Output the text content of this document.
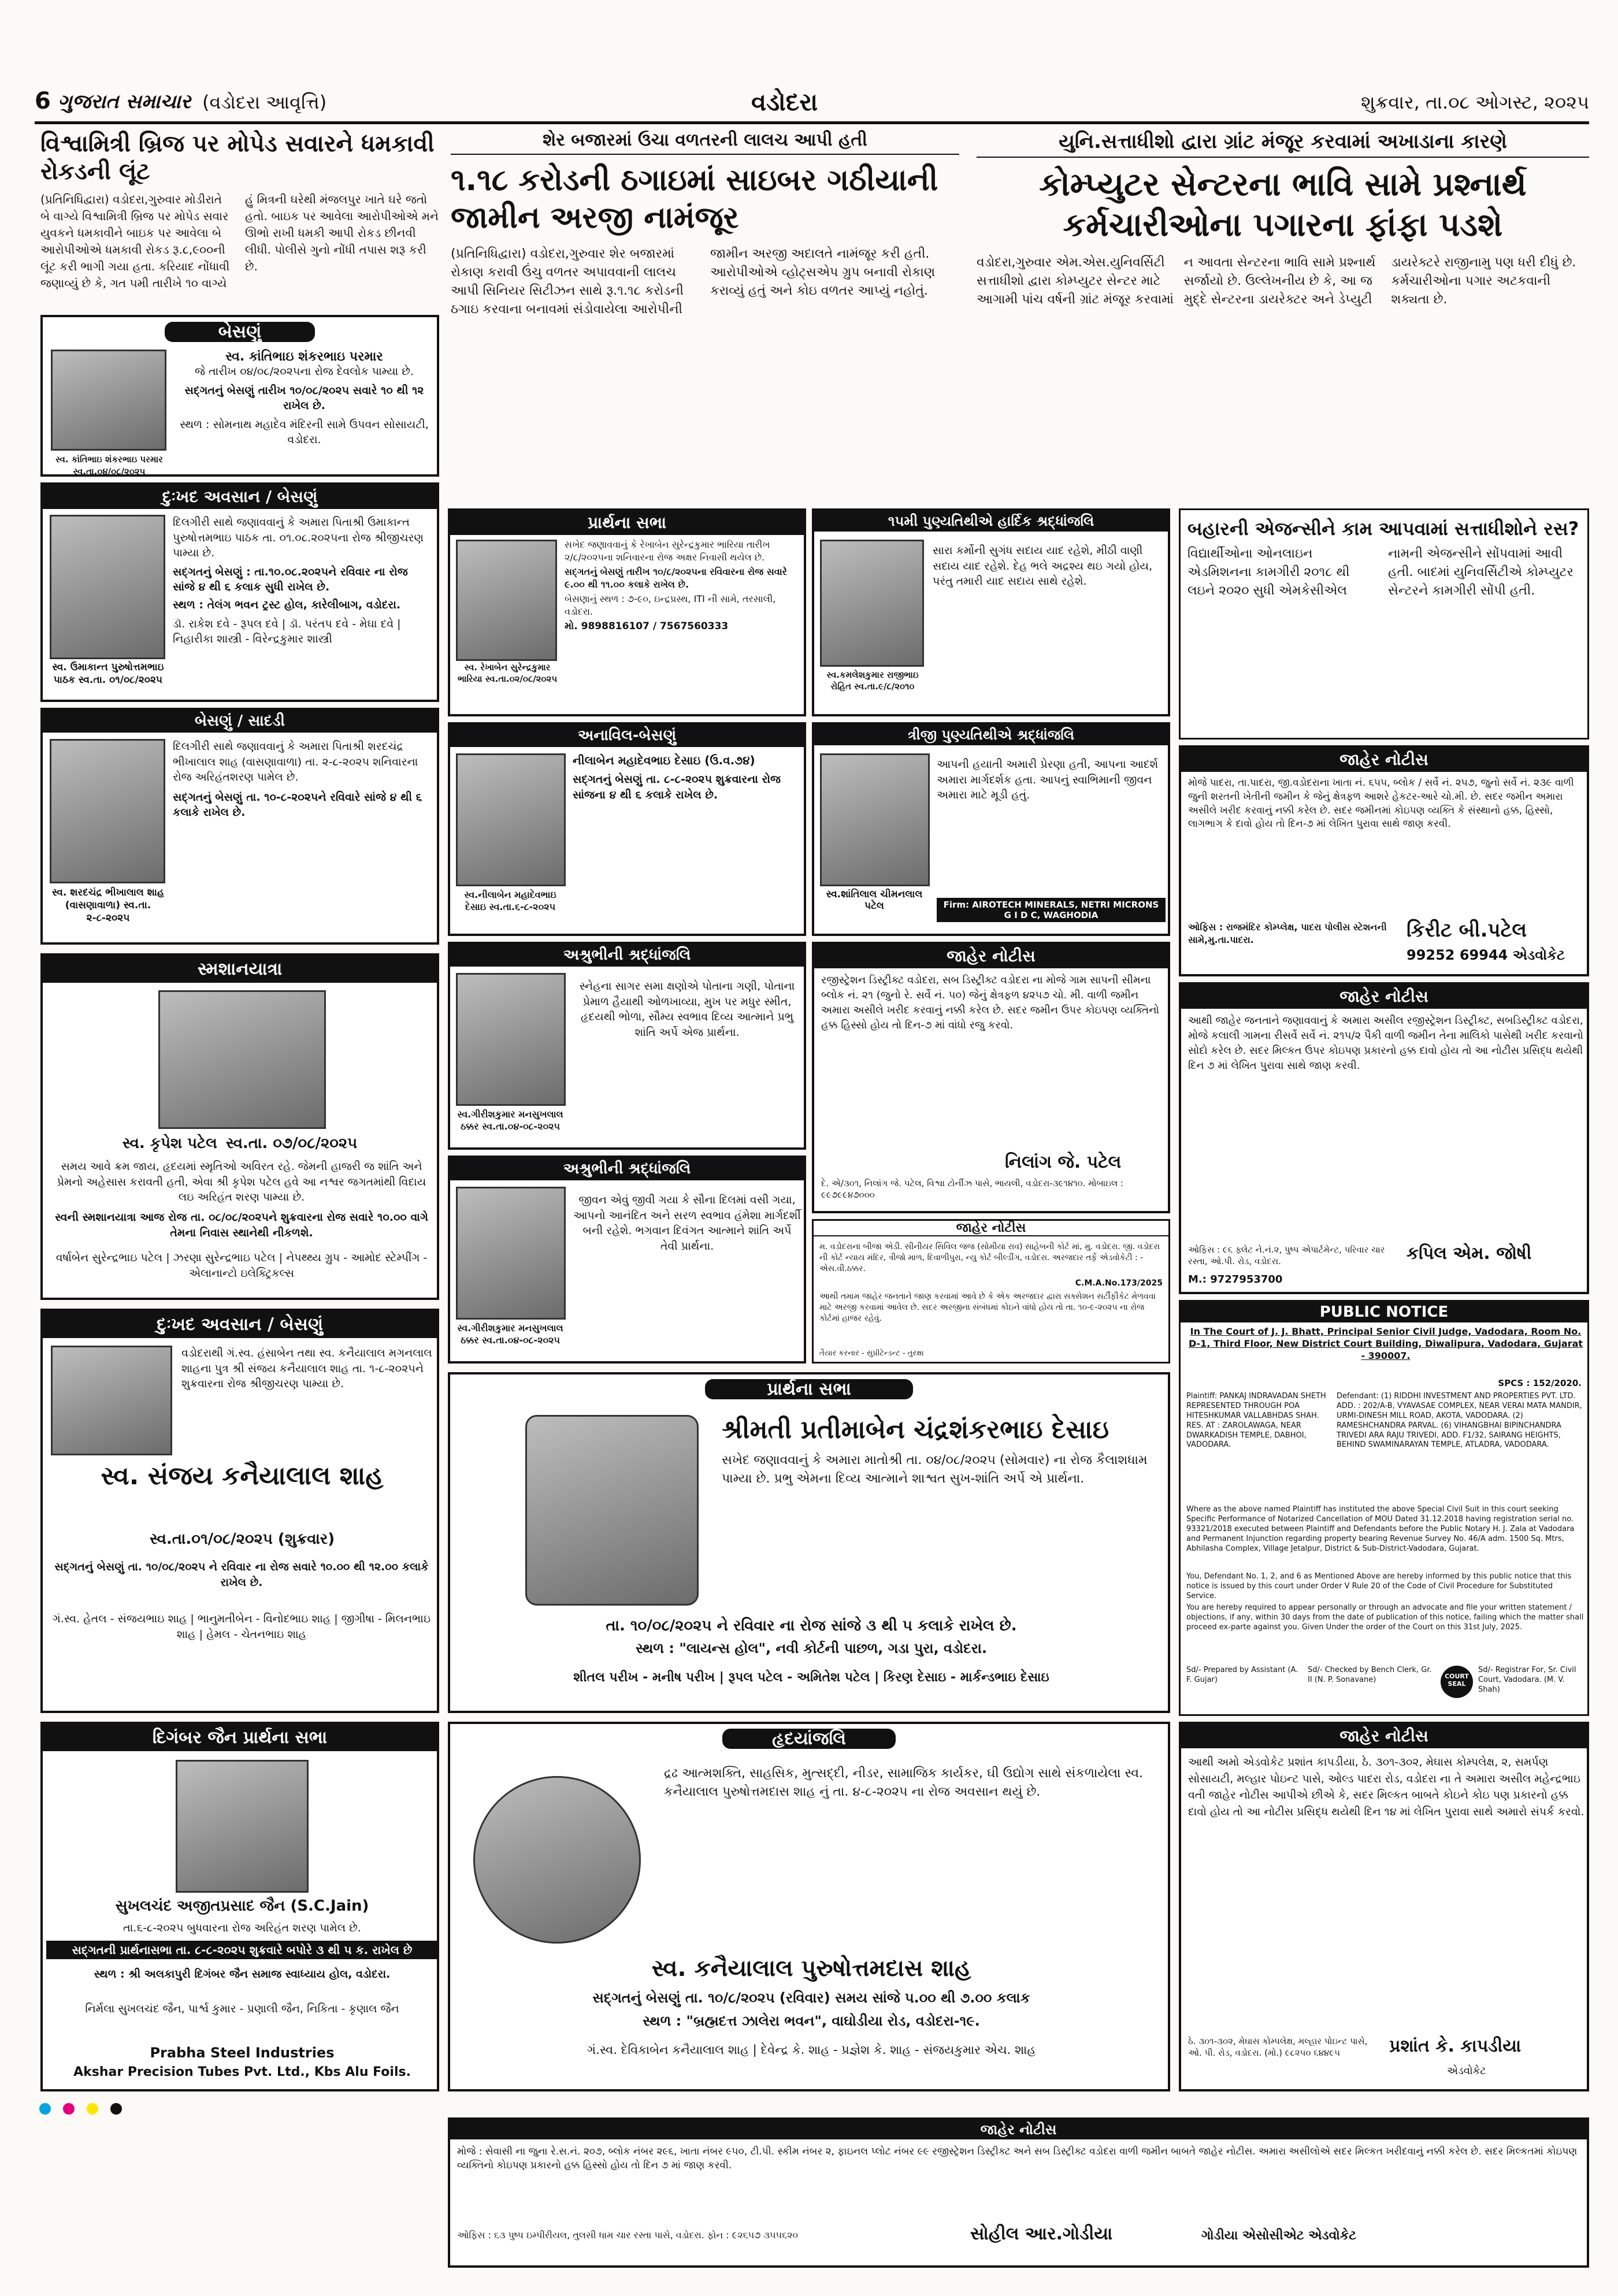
6 ગુજરાત સમાચાર (વડોદરા આવૃત્તિ)	વડોદરા	શુક્રવાર, તા.૦૮ ઓગસ્ટ, ૨૦૨૫
વિશ્વામિત્રી બ્રિજ પર મોપેડ સવારને ધમકાવી રોકડની લૂંટ
(પ્રતિનિધિદ્વારા) વડોદરા,ગુરુવાર મોડીરાતે બે વાગ્યે વિશ્વામિત્રી બ્રિજ પર મોપેડ સવાર યુવકને ધમકાવીને બાઇક પર આવેલા બે આરોપીઓએ ધમકાવી રોકડ રૂ.૮,૯૦૦ની લૂંટ કરી ભાગી ગયા હતા. કરિયાદ નોંધાવી જણાવ્યું છે કે, ગત ૫મી તારીખે ૧૦ વાગ્યે હું મિત્રની ઘરેથી મંજલપુર ખાતે ઘરે જતો હતો. બાઇક પર આવેલા આરોપીઓએ મને ઊભો રાખી ધમકી આપી રોકડ છીનવી લીધી. પોલીસે ગુનો નોંધી તપાસ શરૂ કરી છે.
શેર બજારમાં ઉંચા વળતરની લાલચ આપી હતી
૧.૧૮ કરોડની ઠગાઇમાં સાઇબર ગઠીયાની જામીન અરજી નામંજૂર
(પ્રતિનિધિદ્વારા) વડોદરા,ગુરુવાર શેર બજારમાં રોકાણ કરાવી ઉંચુ વળતર અપાવવાની લાલચ આપી સિનિયર સિટીઝન સાથે રૂ.૧.૧૮ કરોડની ઠગાઇ કરવાના બનાવમાં સંડોવાયેલા આરોપીની જામીન અરજી અદાલતે નામંજૂર કરી હતી. આરોપીઓએ વ્હોટ્સએપ ગ્રુપ બનાવી રોકાણ કરાવ્યું હતું અને કોઇ વળતર આપ્યું નહોતું.
યુનિ.સત્તાધીશો દ્વારા ગ્રાંટ મંજૂર કરવામાં અખાડાના કારણે
કોમ્પ્યુટર સેન્ટરના ભાવિ સામે પ્રશ્નાર્થ કર્મચારીઓના પગારના ફાંફા પડશે
વડોદરા,ગુરુવાર એમ.એસ.યુનિવર્સિટી સત્તાધીશો દ્વારા કોમ્પ્યુટર સેન્ટર માટે આગામી પાંચ વર્ષની ગ્રાંટ મંજૂર કરવામાં ન આવતા સેન્ટરના ભાવિ સામે પ્રશ્નાર્થ સર્જાયો છે. ઉલ્લેખનીય છે કે, આ જ મુદ્દે સેન્ટરના ડાયરેક્ટર અને ડેપ્યુટી ડાયરેક્ટરે રાજીનામુ પણ ધરી દીધું છે. કર્મચારીઓના પગાર અટકવાની શક્યતા છે.
બહારની એજન્સીને કામ આપવામાં સત્તાધીશોને રસ?
વિદ્યાર્થીઓના ઓનલાઇન એડમિશનના કામગીરી ૨૦૧૮ થી લઇને ૨૦૨૦ સુધી એમકેસીએલ નામની એજન્સીને સોંપવામાં આવી હતી. બાદમાં યુનિવર્સિટીએ કોમ્પ્યુટર સેન્ટરને કામગીરી સોંપી હતી.
બેસણું
સ્વ. કાંતિભાઇ શંકરભાઇ પરમાર સ્વ.તા.૦૪/૦૮/૨૦૨૫
સ્વ. કાંતિભાઇ શંકરભાઇ પરમાર
જે તારીખ ૦૪/૦૮/૨૦૨૫ના રોજ દેવલોક પામ્યા છે.
સદ્ગતનું બેસણું તારીખ ૧૦/૦૮/૨૦૨૫ સવારે ૧૦ થી ૧૨ રાખેલ છે.
સ્થળ : સોમનાથ મહાદેવ મંદિરની સામે ઉપવન સોસાયટી, વડોદરા.
દુઃખદ અવસાન / બેસણું
સ્વ. ઉમાકાન્ત પુરુષોત્તમભાઇ પાઠક સ્વ.તા. ૦૧/૦૮/૨૦૨૫
દિલગીરી સાથે જણાવવાનું કે અમારા પિતાશ્રી ઉમાકાન્ત પુરુષોત્તમભાઇ પાઠક તા. ૦૧.૦૮.૨૦૨૫ના રોજ શ્રીજીચરણ પામ્યા છે.
સદ્ગતનું બેસણું : તા.૧૦.૦૮.૨૦૨૫ને રવિવાર ના રોજ સાંજે ૪ થી ૬ કલાક સુધી રાખેલ છે.
સ્થળ : તેલંગ ભવન ટ્રસ્ટ હોલ, કારેલીબાગ, વડોદરા.
ડૉ. રાકેશ દવે - રૂપલ દવે | ડૉ. પરંતપ દવે - મેઘા દવે | નિહારીકા શાસ્ત્રી - વિરેન્દ્રકુમાર શાસ્ત્રી
બેસણું / સાદડી
સ્વ. શરદચંદ્ર ભીખાલાલ શાહ (વાસણાવાળા) સ્વ.તા. ૨-૮-૨૦૨૫
દિલગીરી સાથે જણાવવાનું કે અમારા પિતાશ્રી શરદચંદ્ર ભીખાલાલ શાહ (વાસણાવાળા) તા. ૨-૮-૨૦૨૫ શનિવારના રોજ અરિહંતશરણ પામેલ છે.
સદ્ગતનું બેસણું તા. ૧૦-૮-૨૦૨૫ને રવિવારે સાંજે ૪ થી ૬ કલાકે રાખેલ છે.
સ્મશાનયાત્રા
સ્વ. કૃપેશ પટેલ સ્વ.તા. ૦૭/૦૮/૨૦૨૫
સમય આવે ક્રમ જાય, હૃદયમાં સ્મૃતિઓ અવિરત રહે. જેમની હાજરી જ શાંતિ અને પ્રેમનો અહેસાસ કરાવતી હતી, એવા શ્રી કૃપેશ પટેલ હવે આ નશ્વર જગતમાંથી વિદાય લઇ અરિહંત શરણ પામ્યા છે.
સ્વની સ્મશાનયાત્રા આજ રોજ તા. ૦૮/૦૮/૨૦૨૫ને શુક્રવારના રોજ સવારે ૧૦.૦૦ વાગે તેમના નિવાસ સ્થાનેથી નીકળશે.
વર્ષાબેન સુરેન્દ્રભાઇ પટેલ | ઝરણા સુરેન્દ્રભાઇ પટેલ | નેપથ્થ્ય ગ્રુપ - આમોદ સ્ટેમ્પીંગ - એલાનાન્ટો ઇલેક્ટ્રિકલ્સ
દુઃખદ અવસાન / બેસણું
વડોદરાથી ગં.સ્વ. હંસાબેન તથા સ્વ. કનૈયાલાલ મગનલાલ શાહના પુત્ર શ્રી સંજય કનૈયાલાલ શાહ તા. ૧-૮-૨૦૨૫ને શુક્રવારના રોજ શ્રીજીચરણ પામ્યા છે.
સ્વ. સંજય કનૈયાલાલ શાહ
સ્વ.તા.૦૧/૦૮/૨૦૨૫ (શુક્રવાર)
સદ્ગતનું બેસણું તા. ૧૦/૦૮/૨૦૨૫ ને રવિવાર ના રોજ સવારે ૧૦.૦૦ થી ૧૨.૦૦ કલાકે રાખેલ છે.
ગં.સ્વ. હેતલ - સંજયભાઇ શાહ | ભાનુમતીબેન - વિનોદભાઇ શાહ | જીગીષા - મિલનભાઇ શાહ | હેમલ - ચેતનભાઇ શાહ
દિગંબર જૈન પ્રાર્થના સભા
સુખલચંદ અજીતપ્રસાદ જૈન (S.C.Jain)
તા.૬-૮-૨૦૨૫ બુધવારના રોજ અરિહંત શરણ પામેલ છે.
સદ્ગતની પ્રાર્થનાસભા તા. ૮-૮-૨૦૨૫ શુક્રવારે બપોરે ૩ થી ૫ ક. રાખેલ છે
સ્થળ : શ્રી અલકાપુરી દિગંબર જૈન સમાજ સ્વાધ્યાય હોલ, વડોદરા.
નિર્મલા સુખલચંદ જૈન, પાર્શ્વ કુમાર - પ્રણાલી જૈન, નિકિતા - કૃણાલ જૈન
Prabha Steel Industries
Akshar Precision Tubes Pvt. Ltd., Kbs Alu Foils.
પ્રાર્થના સભા
સ્વ. રેખાબેન સુરેન્દ્રકુમાર ભારિયા સ્વ.તા.૦૨/૦૮/૨૦૨૫
સખેદ જણાવવાનું કે રેખાબેન સુરેન્દ્રકુમાર ભારિયા તારીખ ૨/૮/૨૦૨૫ના શનિવારના રોજ અક્ષર નિવાસી થયેલ છે.
સદ્ગતનું બેસણું તારીખ ૧૦/૮/૨૦૨૫ના રવિવારના રોજ સવારે ૯.૦૦ થી ૧૧.૦૦ કલાકે રાખેલ છે.
બેસણાનું સ્થળ : ૭-૯૦, ઇન્દ્રપ્રસ્થ, ITI ની સામે, તરસાલી, વડોદરા.
મો. 9898816107 / 7567560333
અનાવિલ-બેસણું
સ્વ.નીલાબેન મહાદેવભાઇ દેસાઇ સ્વ.તા.૬-૮-૨૦૨૫
નીલાબેન મહાદેવભાઇ દેસાઇ (ઉ.વ.૭૪)
સદ્ગતનું બેસણું તા. ૮-૮-૨૦૨૫ શુક્રવારના રોજ સાંજના ૪ થી ૬ કલાકે રાખેલ છે.
અશ્રુભીની શ્રદ્ધાંજલિ
સ્વ.ગીરીશકુમાર મનસુખલાલ ઠક્કર સ્વ.તા.૦૪-૦૮-૨૦૨૫
સ્નેહના સાગર સમા ક્ષણોએ પોતાના ગણી, પોતાના પ્રેમાળ હૈયાથી ઓળખાવ્યા, મુખ પર મધુર સ્મીત, હૃદયથી ભોળા, સૌમ્ય સ્વભાવ દિવ્ય આત્માને પ્રભુ શાંતિ અર્પે એજ પ્રાર્થના.
અશ્રુભીની શ્રદ્ધાંજલિ
સ્વ.ગીરીશકુમાર મનસુખલાલ ઠક્કર સ્વ.તા.૦૪-૦૮-૨૦૨૫
જીવન એવું જીવી ગયા કે સૌના દિલમાં વસી ગયા, આપનો આનંદિત અને સરળ સ્વભાવ હંમેશા માર્ગદર્શી બની રહેશે. ભગવાન દિવંગત આત્માને શાંતિ અર્પે તેવી પ્રાર્થના.
૧૫મી પુણ્યતિથીએ હાર્દિક શ્રદ્ધાંજલિ
સ્વ.કમલેશકુમાર રાજીભાઇ રોહિત સ્વ.તા.૯/૮/૨૦૧૦
સારા કર્મોની સુગંધ સદાય યાદ રહેશે, મીઠી વાણી સદાય યાદ રહેશે. દેહ ભલે અદ્રશ્ય થઇ ગયો હોય, પરંતુ તમારી યાદ સદાય સાથે રહેશે.
ત્રીજી પુણ્યતિથીએ શ્રદ્ધાંજલિ
સ્વ.શાંતિલાલ ચીમનલાલ પટેલ
આપની હયાતી અમારી પ્રેરણા હતી, આપના આદર્શ અમારા માર્ગદર્શક હતા. આપનું સ્વાભિમાની જીવન અમારા માટે મૂડી હતું.
Firm: AIROTECH MINERALS, NETRI MICRONS G I D C, WAGHODIA
પ્રાર્થના સભા
શ્રીમતી પ્રતીમાબેન ચંદ્રશંકરભાઇ દેસાઇ
સખેદ જણાવવાનું કે અમારા માતોશ્રી તા. ૦૪/૦૮/૨૦૨૫ (સોમવાર) ના રોજ કૈલાશધામ પામ્યા છે. પ્રભુ એમના દિવ્ય આત્માને શાશ્વત સુખ-શાંતિ અર્પે એ પ્રાર્થના.
તા. ૧૦/૦૮/૨૦૨૫ ને રવિવાર ના રોજ સાંજે ૩ થી ૫ કલાકે રાખેલ છે.
સ્થળ : "લાયન્સ હોલ", નવી કોર્ટની પાછળ, ગડા પુરા, વડોદરા.
શીતલ પરીખ - મનીષ પરીખ | રૂપલ પટેલ - અમિતેશ પટેલ | કિરણ દેસાઇ - માર્કન્ડભાઇ દેસાઇ
હૃદયાંજલિ
દ્રઢ આત્મશક્તિ, સાહસિક, મુત્સદ્દી, નીડર, સામાજિક કાર્યકર, ઘી ઉદ્યોગ સાથે સંકળાયેલા સ્વ. કનૈયાલાલ પુરુષોત્તમદાસ શાહ નું તા. ૪-૮-૨૦૨૫ ના રોજ અવસાન થયું છે.
સ્વ. કનૈયાલાલ પુરુષોત્તમદાસ શાહ
સદ્ગતનું બેસણું તા. ૧૦/૮/૨૦૨૫ (રવિવાર) સમય સાંજે ૫.૦૦ થી ૭.૦૦ કલાક
સ્થળ : "બ્રહ્મદત્ત ઝાલેરા ભવન", વાઘોડીયા રોડ, વડોદરા-૧૯.
ગં.સ્વ. દેવિકાબેન કનૈયાલાલ શાહ | દેવેન્દ્ર કે. શાહ - પ્રજ્ઞેશ કે. શાહ - સંજયકુમાર એચ. શાહ
જાહેર નોટીસ
મોજે પાદરા, તા.પાદરા, જી.વડોદરાના ખાતા નં. ૬૫૫, બ્લોક / સર્વે નં. ૨૫૭, જુનો સર્વે નં. ૨૩૯ વાળી જુની શરતની ખેતીની જમીન કે જેનું ક્ષેત્રફળ આશરે હેકટર-આરે ચો.મી. છે. સદર જમીન અમારા અસીલે ખરીદ કરવાનું નક્કી કરેલ છે. સદર જમીનમાં કોઇપણ વ્યક્તિ કે સંસ્થાનો હક્ક, હિસ્સો, લાગભાગ કે દાવો હોય તો દિન-૭ માં લેખિત પુરાવા સાથે જાણ કરવી.
ઓફિસ : રાજમંદિર કોમ્પ્લેક્ષ, પાદરા પોલીસ સ્ટેશનની સામે,મુ.તા.પાદરા.	કિરીટ બી.પટેલ
99252 69944 એડવોકેટ
જાહેર નોટીસ
આથી જાહેર જનતાને જણાવવાનું કે અમારા અસીલ રજીસ્ટ્રેશન ડિસ્ટ્રીક્ટ, સબડિસ્ટ્રીક્ટ વડોદરા, મોજે કલાલી ગામના રીસર્વે સર્વે નં. ૨૧૫/૨ પૈકી વાળી જમીન તેના માલિકો પાસેથી ખરીદ કરવાનો સોદો કરેલ છે. સદર મિલ્કત ઉપર કોઇપણ પ્રકારનો હક્ક દાવો હોય તો આ નોટીસ પ્રસિદ્ધ થયેથી દિન ૭ માં લેખિત પુરાવા સાથે જાણ કરવી.
ઓફિસ : ૯૬ ફ્લેટ ને.નં.૨, પુષ્પ એપાર્ટમેન્ટ, પરિવાર ચાર રસ્તા, ઓ.પી. રોડ, વડોદરા.	કપિલ એમ. જોષી
M.: 9727953700
જાહેર નોટીસ
રજીસ્ટ્રેશન ડિસ્ટ્રીક્ટ વડોદરા, સબ ડિસ્ટ્રીક્ટ વડોદરા ના મોજે ગામ સાપની સીમના બ્લોક નં. ૨૧ (જુનો રે. સર્વે નં. ૫૦) જેનું ક્ષેત્રફળ ૪૨૫૭ ચો. મી. વાળી જમીન અમારા અસીલે ખરીદ કરવાનું નક્કી કરેલ છે. સદર જમીન ઉપર કોઇપણ વ્યક્તિનો હક્ક હિસ્સો હોય તો દિન-૭ માં વાંધો રજુ કરવો.
નિલાંગ જે. પટેલ
દે. એ/૩૦૧, નિલાંગ જે. પટેલ, વિશ્વા ટોર્નીઝ પાસે, ભાયલી, વડોદરા-૩૯૧૪૧૦. મોબાઇલ : ૯૯૭૯૯૪૭૦૦૦
જાહેર નોટીસ
મ. વડોદરાના બીજા એડી. સીનીયર સિવિલ જજ (સોમીયા રાવ) સાહેબની કોર્ટ માં, મુ. વડોદરા. જી. વડોદરા ની કોર્ટ ન્યાય મંદિર, ત્રીજો માળ, દિવાળીપુરા, ન્યુ કોર્ટ બીલ્ડીંગ, વડોદરા. અરજદાર તર્ફે એડવોકેટી : - એસ.વી.ઠક્કર.
C.M.A.No.173/2025
આથી તમામ જાહેર જનતાને જાણ કરવામાં આવે છે કે એક અરજદાર દ્વારા સક્સેશન સર્ટીફીકેટ મેળવવા માટે અરજી કરવામાં આવેલ છે. સદર અરજીના સંબંધમાં કોઇને વાંધો હોય તો તા. ૧૦-૯-૨૦૨૫ ના રોજ કોર્ટમાં હાજર રહેવું.
તૈયાર કરનાર - સુપ્રીટેન્ડન્ટ - તુરક્ષા
PUBLIC NOTICE
In The Court of J. J. Bhatt, Principal Senior Civil Judge, Vadodara, Room No. D-1, Third Floor, New District Court Building, Diwalipura, Vadodara, Gujarat - 390007.
SPCS : 152/2020.
Plaintiff: PANKAJ INDRAVADAN SHETH REPRESENTED THROUGH POA HITESHKUMAR VALLABHDAS SHAH. RES. AT : ZAROLAWAGA, NEAR DWARKADISH TEMPLE, DABHOI, VADODARA.
Defendant: (1) RIDDHI INVESTMENT AND PROPERTIES PVT. LTD. ADD. : 202/A-B, VYAVASAE COMPLEX, NEAR VERAI MATA MANDIR, URMI-DINESH MILL ROAD, AKOTA, VADODARA. (2) RAMESHCHANDRA PARVAL. (6) VIHANGBHAI BIPINCHANDRA TRIVEDI ARA RAJU TRIVEDI, ADD. F1/32, SAIRANG HEIGHTS, BEHIND SWAMINARAYAN TEMPLE, ATLADRA, VADODARA.
Where as the above named Plaintiff has instituted the above Special Civil Suit in this court seeking Specific Performance of Notarized Cancellation of MOU Dated 31.12.2018 having registration serial no. 93321/2018 executed between Plaintiff and Defendants before the Public Notary H. J. Zala at Vadodara and Permanent Injunction regarding property bearing Revenue Survey No. 46/A adm. 1500 Sq. Mtrs, Abhilasha Complex, Village Jetalpur, District & Sub-District-Vadodara, Gujarat.
You, Defendant No. 1, 2, and 6 as Mentioned Above are hereby informed by this public notice that this notice is issued by this court under Order V Rule 20 of the Code of Civil Procedure for Substituted Service.
You are hereby required to appear personally or through an advocate and file your written statement / objections, if any, within 30 days from the date of publication of this notice, failing which the matter shall proceed ex-parte against you. Given Under the order of the Court on this 31st July, 2025.
Sd/- Prepared by Assistant (A. F. Gujar)
Sd/- Checked by Bench Clerk, Gr. II (N. P. Sonavane)	COURT SEAL
Sd/- Registrar For, Sr. Civil Court, Vadodara. (M. V. Shah)
જાહેર નોટીસ
આથી અમો એડવોકેટ પ્રશાંત કાપડીયા, ઠે. ૩૦૧-૩૦૨, મેઘાસ કોમ્પલેક્ષ, ૨, સમર્પણ સોસાયટી, મલ્હાર પોઇન્ટ પાસે, ઓલ્ડ પાદરા રોડ, વડોદરા ના તે અમારા અસીલ મહેન્દ્રભાઇ વતી જાહેર નોટીસ આપીએ છીએ કે, સદર મિલ્કત બાબતે કોઇને કોઇ પણ પ્રકારનો હક્ક દાવો હોય તો આ નોટીસ પ્રસિદ્ધ થયેથી દિન ૧૪ માં લેખિત પુરાવા સાથે અમારો સંપર્ક કરવો.
ઠે. ૩૦૧-૩૦૨, મેઘાસ કોમ્પલેક્ષ, મલ્હાર પોઇન્ટ પાસે, ઓ. પી. રોડ, વડોદરા. (મો.) ૯૮૨૫૦ ૬૪૪૯૫	પ્રશાંત કે. કાપડીયા
એડવોકેટ

જાહેર નોટીસ
મોજે : સેવાસી ના જુના રે.સ.નં. ૨૦૭, બ્લોક નંબર ૨૯૬, ખાતા નંબર ૯૫૦, ટી.પી. સ્કીમ નંબર ૨, ફાઇનલ પ્લોટ નંબર ૯૯ રજીસ્ટ્રેશન ડિસ્ટ્રીક્ટ અને સબ ડિસ્ટ્રીક્ટ વડોદરા વાળી જમીન બાબતે જાહેર નોટીસ. અમારા અસીલોએ સદર મિલ્કત ખરીદવાનું નક્કી કરેલ છે. સદર મિલ્કતમાં કોઇપણ વ્યક્તિનો કોઇપણ પ્રકારનો હક્ક હિસ્સો હોય તો દિન ૭ માં જાણ કરવી.
ઓફિસ : ૬૩ પુષ્પ ઇમ્પીરીયલ, તુલસી ધામ ચાર રસ્તા પાસે, વડોદરા. ફોન : ૯૨૬૫૭ ૩૫૫૬૨૦	સોહીલ આર.ગોડીયા	ગોડીયા એસોસીએટ એડવોકેટ
